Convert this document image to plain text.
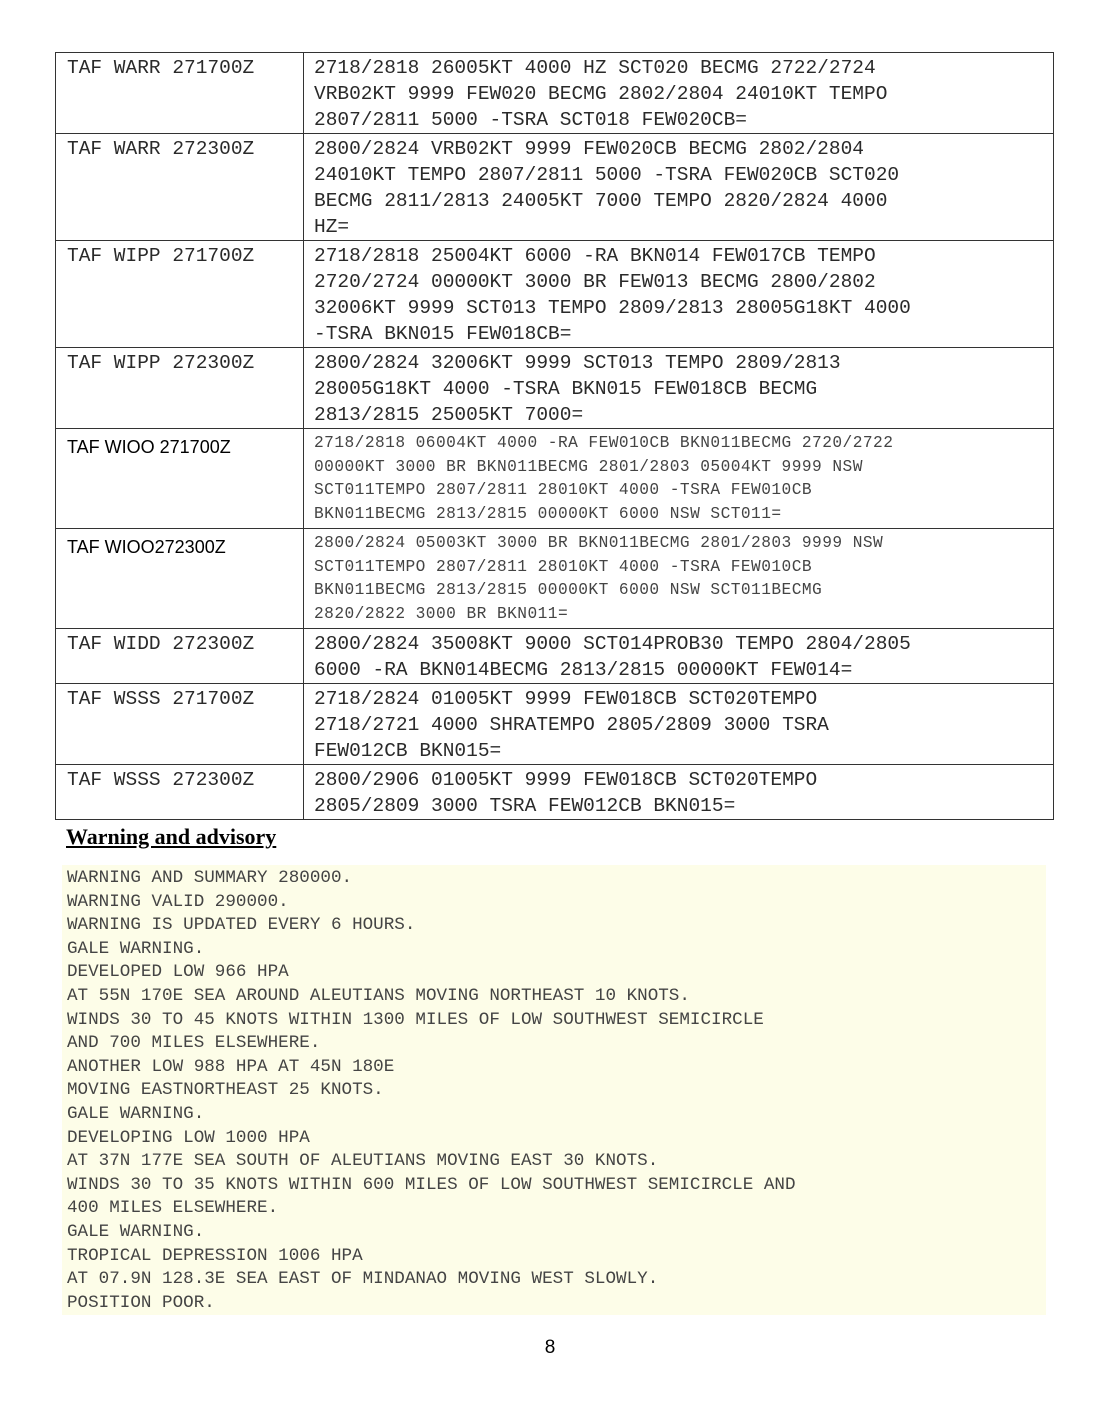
TAF WARR 271700Z	2718/2818 26005KT 4000 HZ SCT020 BECMG 2722/2724
VRB02KT 9999 FEW020 BECMG 2802/2804 24010KT TEMPO
2807/2811 5000 -TSRA SCT018 FEW020CB=
TAF WARR 272300Z	2800/2824 VRB02KT 9999 FEW020CB BECMG 2802/2804
24010KT TEMPO 2807/2811 5000 -TSRA FEW020CB SCT020
BECMG 2811/2813 24005KT 7000 TEMPO 2820/2824 4000
HZ=
TAF WIPP 271700Z	2718/2818 25004KT 6000 -RA BKN014 FEW017CB TEMPO
2720/2724 00000KT 3000 BR FEW013 BECMG 2800/2802
32006KT 9999 SCT013 TEMPO 2809/2813 28005G18KT 4000
-TSRA BKN015 FEW018CB=
TAF WIPP 272300Z	2800/2824 32006KT 9999 SCT013 TEMPO 2809/2813
28005G18KT 4000 -TSRA BKN015 FEW018CB BECMG
2813/2815 25005KT 7000=
TAF WIOO 271700Z	2718/2818 06004KT 4000 -RA FEW010CB BKN011BECMG 2720/2722
00000KT 3000 BR BKN011BECMG 2801/2803 05004KT 9999 NSW
SCT011TEMPO 2807/2811 28010KT 4000 -TSRA FEW010CB
BKN011BECMG 2813/2815 00000KT 6000 NSW SCT011=
TAF WIOO272300Z	2800/2824 05003KT 3000 BR BKN011BECMG 2801/2803 9999 NSW
SCT011TEMPO 2807/2811 28010KT 4000 -TSRA FEW010CB
BKN011BECMG 2813/2815 00000KT 6000 NSW SCT011BECMG
2820/2822 3000 BR BKN011=
TAF WIDD 272300Z	2800/2824 35008KT 9000 SCT014PROB30 TEMPO 2804/2805
6000 -RA BKN014BECMG 2813/2815 00000KT FEW014=
TAF WSSS 271700Z	2718/2824 01005KT 9999 FEW018CB SCT020TEMPO
2718/2721 4000 SHRATEMPO 2805/2809 3000 TSRA
FEW012CB BKN015=
TAF WSSS 272300Z	2800/2906 01005KT 9999 FEW018CB SCT020TEMPO
2805/2809 3000 TSRA FEW012CB BKN015=
Warning and advisory
WARNING AND SUMMARY 280000.
WARNING VALID 290000.
WARNING IS UPDATED EVERY 6 HOURS.
GALE WARNING.
DEVELOPED LOW 966 HPA
AT 55N 170E SEA AROUND ALEUTIANS MOVING NORTHEAST 10 KNOTS.
WINDS 30 TO 45 KNOTS WITHIN 1300 MILES OF LOW SOUTHWEST SEMICIRCLE
AND 700 MILES ELSEWHERE.
ANOTHER LOW 988 HPA AT 45N 180E
MOVING EASTNORTHEAST 25 KNOTS.
GALE WARNING.
DEVELOPING LOW 1000 HPA
AT 37N 177E SEA SOUTH OF ALEUTIANS MOVING EAST 30 KNOTS.
WINDS 30 TO 35 KNOTS WITHIN 600 MILES OF LOW SOUTHWEST SEMICIRCLE AND
400 MILES ELSEWHERE.
GALE WARNING.
TROPICAL DEPRESSION 1006 HPA
AT 07.9N 128.3E SEA EAST OF MINDANAO MOVING WEST SLOWLY.
POSITION POOR.
8
